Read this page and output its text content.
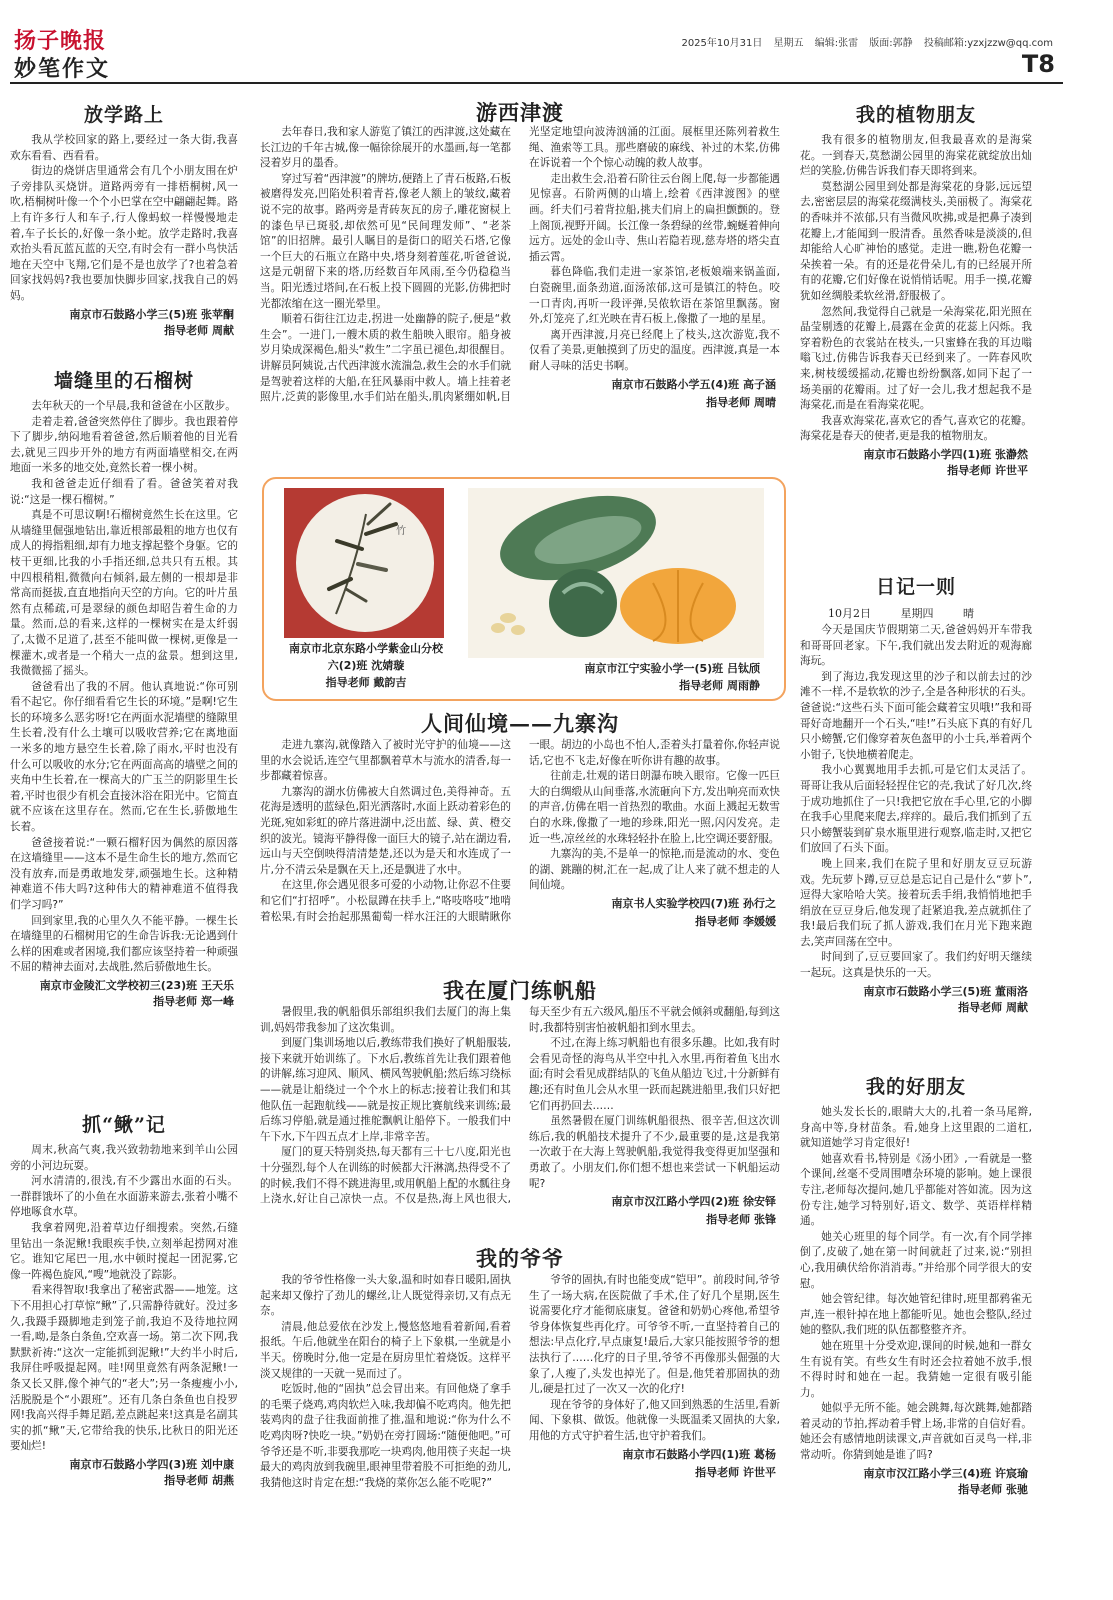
扬子晚报	2025年10月31日 星期五 编辑:张雷 版面:郭静 投稿邮箱:yzxjzzw@qq.com
妙笔作文	T8
放学路上

我从学校回家的路上,要经过一条大街,我喜欢东看看、西看看。

街边的烧饼店里通常会有几个小朋友围在炉子旁排队买烧饼。道路两旁有一排梧桐树,风一吹,梧桐树叶像一个个小巴掌在空中翩翩起舞。路上有许多行人和车子,行人像蚂蚁一样慢慢地走着,车子长长的,好像一条小蛇。放学走路时,我喜欢抬头看瓦蓝瓦蓝的天空,有时会有一群小鸟快活地在天空中飞翔,它们是不是也放学了?也着急着回家找妈妈?我也要加快脚步回家,找我自己的妈妈。

南京市石鼓路小学三(5)班 张苹酮
指导老师 周献
墙缝里的石榴树

去年秋天的一个早晨,我和爸爸在小区散步。

走着走着,爸爸突然停住了脚步。我也跟着停下了脚步,纳闷地看着爸爸,然后顺着他的目光看去,就见三四步开外的地方有两面墙壁相交,在两地面一米多的地交处,竟然长着一棵小树。

我和爸爸走近仔细看了看。爸爸笑着对我说:“这是一棵石榴树。”

真是不可思议啊!石榴树竟然生长在这里。它从墙缝里倔强地钻出,靠近根部最粗的地方也仅有成人的拇指粗细,却有力地支撑起整个身躯。它的枝干更细,比我的小手指还细,总共只有五根。其中四根稍粗,微微向右倾斜,最左侧的一根却是非常高而挺拔,直直地指向天空的方向。它的叶片虽然有点稀疏,可是翠绿的颜色却昭告着生命的力量。然而,总的看来,这样的一棵树实在是太纤弱了,太微不足道了,甚至不能叫做一棵树,更像是一棵灌木,或者是一个稍大一点的盆景。想到这里,我微微摇了摇头。

爸爸看出了我的不屑。他认真地说:“你可别看不起它。你仔细看看它生长的环境。”是啊!它生长的环境多么恶劣呀!它在两面水泥墙壁的缝隙里生长着,没有什么土壤可以吸收营养;它在离地面一米多的地方悬空生长着,除了雨水,平时也没有什么可以吸收的水分;它在两面高高的墙壁之间的夹角中生长着,在一棵高大的广玉兰的阴影里生长着,平时也很少有机会直接沐浴在阳光中。它简直就不应该在这里存在。然而,它在生长,骄傲地生长着。

爸爸接着说:“一颗石榴籽因为偶然的原因落在这墙缝里——这本不是生命生长的地方,然而它没有放弃,而是勇敢地发芽,顽强地生长。这种精神难道不伟大吗?这种伟大的精神难道不值得我们学习吗?”

回到家里,我的心里久久不能平静。一棵生长在墙缝里的石榴树用它的生命告诉我:无论遇到什么样的困难或者困境,我们都应该坚持着一种顽强不屈的精神去面对,去战胜,然后骄傲地生长。

南京市金陵汇文学校初三(23)班 王天乐
指导老师 郑一峰
抓“鳅”记

周末,秋高气爽,我兴致勃勃地来到羊山公园旁的小河边玩耍。

河水清清的,很浅,有不少露出水面的石头。一群群饿坏了的小鱼在水面游来游去,张着小嘴不停地啄食水草。

我拿着网兜,沿着草边仔细搜索。突然,石缝里钻出一条泥鳅!我眼疾手快,立刻举起捞网对准它。谁知它尾巴一甩,水中顿时搅起一团泥雾,它像一阵褐色旋风,“嗖”地就没了踪影。

看来得智取!我拿出了秘密武器——地笼。这下不用担心打草惊“鳅”了,只需静待就好。没过多久,我蹑手蹑脚地走到笼子前,我迫不及待地拉网一看,呦,是条白条鱼,空欢喜一场。第二次下网,我默默祈祷:“这次一定能抓到泥鳅!”大约半小时后,我屏住呼吸提起网。哇!网里竟然有两条泥鳅!一条又长又胖,像个神气的“老大”;另一条瘦瘦小小,活脱脱是个“小跟班”。还有几条白条鱼也自投罗网!我高兴得手舞足蹈,差点跳起来!这真是名副其实的抓“鳅”天,它带给我的快乐,比秋日的阳光还要灿烂!

南京市石鼓路小学四(3)班 刘中康
指导老师 胡燕
游西津渡

去年春日,我和家人游览了镇江的西津渡,这处藏在长江边的千年古城,像一幅徐徐展开的水墨画,每一笔都浸着岁月的墨香。

穿过写着“西津渡”的牌坊,便踏上了青石板路,石板被磨得发亮,凹陷处积着青苔,像老人额上的皱纹,藏着说不完的故事。路两旁是青砖灰瓦的房子,雕花窗棂上的漆色早已斑驳,却依然可见“民间理发师”、“老茶馆”的旧招牌。最引人瞩目的是街口的昭关石塔,它像一个巨大的石瓶立在路中央,塔身刻着莲花,听爸爸说,这是元朝留下来的塔,历经数百年风雨,至今仍稳稳当当。阳光透过塔间,在石板上投下圆圆的光影,仿佛把时光都浓缩在这一圈光晕里。

顺着石街往江边走,拐进一处幽静的院子,便是“救生会”。一进门,一艘木质的救生船映入眼帘。船身被岁月染成深褐色,船头“救生”二字虽已褪色,却很醒目。讲解员阿姨说,古代西津渡水流湍急,救生会的水手们就是驾驶着这样的大船,在狂风暴雨中救人。墙上挂着老照片,泛黄的影像里,水手们站在船头,肌肉紧绷如帆,目光坚定地望向波涛汹涌的江面。展框里还陈列着救生绳、渔索等工具。那些磨破的麻线、补过的木桨,仿佛在诉说着一个个惊心动魄的救人故事。

走出救生会,沿着石阶往云台阁上爬,每一步都能遇见惊喜。石阶两侧的山墙上,绘着《西津渡图》的壁画。纤夫们弓着背拉船,挑夫们肩上的扁担颤颤的。登上阁顶,视野开阔。长江像一条碧绿的丝带,蜿蜒着伸向远方。远处的金山寺、焦山若隐若现,慈寿塔的塔尖直插云霄。

暮色降临,我们走进一家茶馆,老板娘端来锅盖面,白瓷碗里,面条劲道,面汤浓郁,这可是镇江的特色。咬一口青肉,再听一段评弹,吴侬软语在茶馆里飘荡。窗外,灯笼亮了,红光映在青石板上,像撒了一地的星星。

离开西津渡,月亮已经爬上了枝头,这次游览,我不仅看了美景,更触摸到了历史的温度。西津渡,真是一本耐人寻味的活史书啊。

南京市石鼓路小学五(4)班 高子涵
指导老师 周晴
竹
南京市北京东路小学紫金山分校
六(2)班 沈婧璇
指导老师 戴韵吉
南京市江宁实验小学一(5)班 吕钛颀
指导老师 周雨静
人间仙境——九寨沟

走进九寨沟,就像踏入了被时光守护的仙境——这里的水会说话,连空气里都飘着草木与流水的清香,每一步都藏着惊喜。

九寨沟的湖水仿佛被大自然调过色,美得神奇。五花海是透明的蓝绿色,阳光洒落时,水面上跃动着彩色的光斑,宛如彩虹的碎片落进湖中,泛出蓝、绿、黄、橙交织的波光。镜海平静得像一面巨大的镜子,站在湖边看,远山与天空倒映得清清楚楚,还以为是天和水连成了一片,分不清云朵是飘在天上,还是飘进了水中。

在这里,你会遇见很多可爱的小动物,让你忍不住要和它们“打招呼”。小松鼠蹲在扶手上,“咯吱咯吱”地啃着松果,有时会抬起那黑葡萄一样水汪汪的大眼睛瞅你一眼。胡边的小岛也不怕人,歪着头打量着你,你轻声说话,它也不飞走,好像在听你讲有趣的故事。

往前走,壮观的诺日朗瀑布映入眼帘。它像一匹巨大的白绸缎从山间垂落,水流砸向下方,发出响亮而欢快的声音,仿佛在唱一首热烈的歌曲。水面上溅起无数雪白的水珠,像撒了一地的珍珠,阳光一照,闪闪发亮。走近一些,凉丝丝的水珠轻轻扑在脸上,比空调还要舒服。

九寨沟的美,不是单一的惊艳,而是流动的水、变色的湖、跳蹦的树,汇在一起,成了让人来了就不想走的人间仙境。

南京书人实验学校四(7)班 孙行之
指导老师 李媛媛
我在厦门练帆船

暑假里,我的帆船俱乐部组织我们去厦门的海上集训,妈妈带我参加了这次集训。

到厦门集训场地以后,教练带我们换好了帆船服装,接下来就开始训练了。下水后,教练首先让我们跟着他的讲解,练习迎风、顺风、横风驾驶帆船;然后练习绕标——就是让船绕过一个个水上的标志;接着让我们和其他队伍一起跑航线——就是按正规比赛航线来训练;最后练习停船,就是通过推舵飘帆让船停下。一般我们中午下水,下午四五点才上岸,非常辛苦。

厦门的夏天特别炎热,每天都有三十七八度,阳光也十分强烈,每个人在训练的时候都大汗淋漓,热得受不了的时候,我们不得不跳进海里,或用帆船上配的水瓢往身上浇水,好让自己凉快一点。不仅是热,海上风也很大,每天至少有五六级风,船压不平就会倾斜或翻船,每到这时,我都特别害怕被帆船扣到水里去。

不过,在海上练习帆船也有很多乐趣。比如,我有时会看见奇怪的海鸟从半空中扎入水里,再衔着鱼飞出水面;有时会看见成群结队的飞鱼从船边飞过,十分新鲜有趣;还有时鱼儿会从水里一跃而起跳进船里,我们只好把它们再扔回去……

虽然暑假在厦门训练帆船很热、很辛苦,但这次训练后,我的帆船技术提升了不少,最重要的是,这是我第一次敢于在大海上驾驶帆船,我觉得我变得更加坚强和勇敢了。小朋友们,你们想不想也来尝试一下帆船运动呢?

南京市汉江路小学四(2)班 徐安铎
指导老师 张锋
我的爷爷

我的爷爷性格像一头大象,温和时如春日暖阳,固执起来却又像拧了劲儿的螺丝,让人既觉得亲切,又有点无奈。

清晨,他总爱依在沙发上,慢悠悠地看着新闻,看着报纸。午后,他就坐在阳台的椅子上下象棋,一坐就是小半天。傍晚时分,他一定是在厨房里忙着烧饭。这样平淡又规律的一天就一晃而过了。

吃饭时,他的“固执”总会冒出来。有回他烧了拿手的毛栗子烧鸡,鸡肉软烂入味,我却偏不吃鸡肉。他先把装鸡肉的盘子往我面前推了推,温和地说:“你为什么不吃鸡肉呀?快吃一块。”奶奶在旁打圆场:“随便他吧。”可爷爷还是不听,非要我那吃一块鸡肉,他用筷子夹起一块最大的鸡肉放到我碗里,眼神里带着股不可拒绝的劲儿,我猜他这时肯定在想:“我烧的菜你怎么能不吃呢?”

爷爷的固执,有时也能变成“铠甲”。前段时间,爷爷生了一场大病,在医院做了手术,住了好几个星期,医生说需要化疗才能彻底康复。爸爸和奶奶心疼他,希望爷爷身体恢复些再化疗。可爷爷不听,一直坚持着自己的想法:早点化疗,早点康复!最后,大家只能按照爷爷的想法执行了……化疗的日子里,爷爷不再像那头倔强的大象了,人瘦了,头发也掉光了。但是,他凭着那固执的劲儿,硬是扛过了一次又一次的化疗!

现在爷爷的身体好了,他又回到熟悉的生活里,看新闻、下象棋、做饭。他就像一头既温柔又固执的大象,用他的方式守护着生活,也守护着我们。

南京市石鼓路小学四(1)班 葛杨
指导老师 许世平
我的植物朋友

我有很多的植物朋友,但我最喜欢的是海棠花。一到春天,莫愁湖公园里的海棠花就绽放出灿烂的笑脸,仿佛告诉我们春天即将到来。

莫愁湖公园里到处都是海棠花的身影,远远望去,密密层层的海棠花缀满枝头,美丽极了。海棠花的香味并不浓郁,只有当微风吹拂,或是把鼻子凑到花瓣上,才能闻到一股清香。虽然香味是淡淡的,但却能给人心旷神怡的感觉。走进一瞧,粉色花瓣一朵挨着一朵。有的还是花骨朵儿,有的已经展开所有的花瓣,它们好像在说悄悄话呢。用手一摸,花瓣犹如丝绸般柔软丝滑,舒服极了。

忽然间,我觉得自己就是一朵海棠花,阳光照在晶莹剔透的花瓣上,晨露在金黄的花蕊上闪烁。我穿着粉色的衣裳站在枝头,一只蜜蜂在我的耳边嗡嗡飞过,仿佛告诉我春天已经到来了。一阵春风吹来,树枝缓缓摇动,花瓣也纷纷飘落,如同下起了一场美丽的花瓣雨。过了好一会儿,我才想起我不是海棠花,而是在看海棠花呢。

我喜欢海棠花,喜欢它的香气,喜欢它的花瓣。海棠花是春天的使者,更是我的植物朋友。

南京市石鼓路小学四(1)班 张瀞然
指导老师 许世平
日记一则
10月2日	星期四	晴

今天是国庆节假期第二天,爸爸妈妈开车带我和哥哥回老家。下午,我们就出发去附近的观海廊海玩。

到了海边,我发现这里的沙子和以前去过的沙滩不一样,不是软软的沙子,全是各种形状的石头。爸爸说:“这些石头下面可能会藏着宝贝哦!”我和哥哥好奇地翻开一个石头,“哇!”石头底下真的有好几只小螃蟹,它们像穿着灰色盔甲的小士兵,举着两个小钳子,飞快地横着爬走。

我小心翼翼地用手去抓,可是它们太灵活了。哥哥让我从后面轻轻捏住它的壳,我试了好几次,终于成功地抓住了一只!我把它放在手心里,它的小脚在我手心里爬来爬去,痒痒的。最后,我们抓到了五只小螃蟹装到矿泉水瓶里进行观察,临走时,又把它们放回了石头下面。

晚上回来,我们在院子里和好朋友豆豆玩游戏。先玩萝卜蹲,豆豆总是忘记自己是什么“萝卜”,逗得大家哈哈大笑。接着玩丢手绢,我悄悄地把手绢放在豆豆身后,他发现了赶紧追我,差点就抓住了我!最后我们玩了抓人游戏,我们在月光下跑来跑去,笑声回荡在空中。

时间到了,豆豆要回家了。我们约好明天继续一起玩。这真是快乐的一天。

南京市石鼓路小学三(5)班 董雨洛
指导老师 周献
我的好朋友

她头发长长的,眼睛大大的,扎着一条马尾辫,身高中等,身材苗条。看,她身上这里跟的二道杠,就知道她学习肯定很好!

她喜欢看书,特别是《汤小团》,一看就是一整个课间,丝毫不受周围嘈杂环境的影响。她上课很专注,老师每次提问,她几乎都能对答如流。因为这份专注,她学习特别好,语文、数学、英语样样精通。

她关心班里的每个同学。有一次,有个同学摔倒了,皮破了,她在第一时间就赶了过来,说:“别担心,我用碘伏给你消消毒。”并给那个同学很大的安慰。

她会管纪律。每次她管纪律时,班里都鸦雀无声,连一根针掉在地上都能听见。她也会整队,经过她的整队,我们班的队伍都整整齐齐。

她在班里十分受欢迎,课间的时候,她和一群女生有说有笑。有些女生有时还会拉着她不放手,恨不得时时和她在一起。我猜她一定很有吸引能力。

她似乎无所不能。她会跳舞,每次跳舞,她都踏着灵动的节拍,挥动着手臂上场,非常的自信好看。她还会有感情地朗读课文,声音就如百灵鸟一样,非常动听。你猜到她是谁了吗?

南京市汉江路小学三(4)班 许宸瑜
指导老师 张驰
